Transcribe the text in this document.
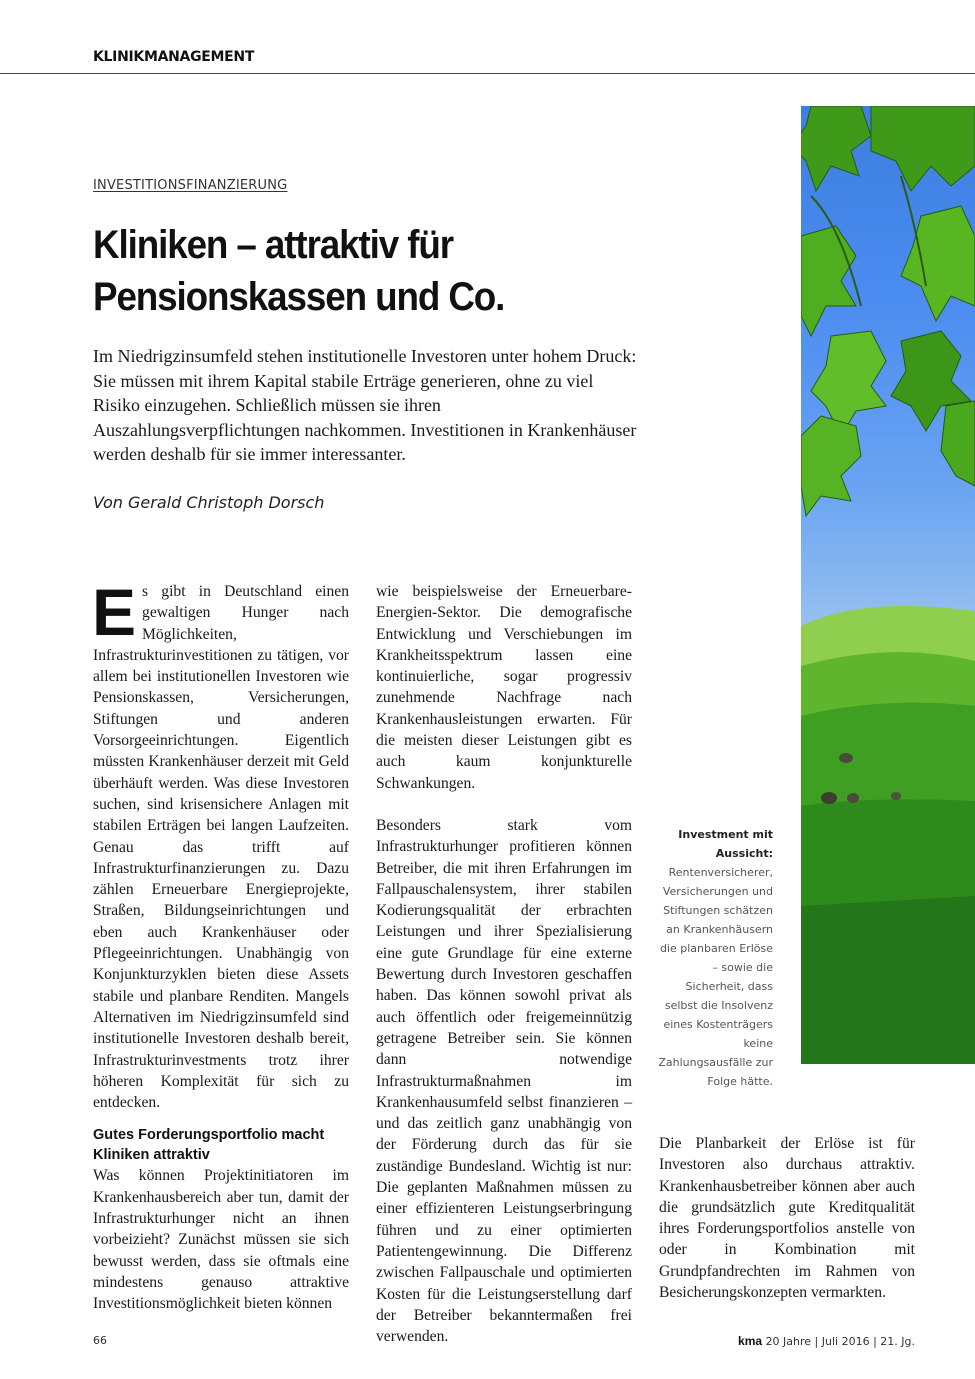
KLINIKMANAGEMENT
INVESTITIONSFINANZIERUNG
Kliniken – attraktiv für
Pensionskassen und Co.

Im Niedrigzinsumfeld stehen institutionelle Investoren unter hohem Druck: Sie müssen mit ihrem Kapital stabile Erträge generieren, ohne zu viel Risiko einzugehen. Schließlich müssen sie ihren Auszahlungsverpflichtungen nachkommen. Investitionen in Krankenhäuser werden deshalb für sie immer interessanter.

Von Gerald Christoph Dorsch

Es gibt in Deutschland einen gewaltigen Hunger nach Möglichkeiten, Infrastrukturinvestitionen zu tätigen, vor allem bei institutionellen Investoren wie Pensionskassen, Versicherungen, Stiftungen und anderen Vorsorgeeinrichtungen. Eigentlich müssten Krankenhäuser derzeit mit Geld überhäuft werden. Was diese Investoren suchen, sind krisensichere Anlagen mit stabilen Erträgen bei langen Laufzeiten. Genau das trifft auf Infrastrukturfinanzierungen zu. Dazu zählen Erneuerbare Energieprojekte, Straßen, Bildungseinrichtungen und eben auch Krankenhäuser oder Pflegeeinrichtungen. Unabhängig von Konjunkturzyklen bieten diese Assets stabile und planbare Renditen. Mangels Alternativen im Niedrigzinsumfeld sind institutionelle Investoren deshalb bereit, Infrastrukturinvestments trotz ihrer höheren Komplexität für sich zu entdecken.

Gutes Forderungsportfolio macht Kliniken attraktiv

Was können Projektinitiatoren im Krankenhausbereich aber tun, damit der Infrastrukturhunger nicht an ihnen vorbeizieht? Zunächst müssen sie sich bewusst werden, dass sie oftmals eine mindestens genauso attraktive Investitionsmöglichkeit bieten können

wie beispielsweise der Erneuerbare-Energien-Sektor. Die demografische Entwicklung und Verschiebungen im Krankheitsspektrum lassen eine kontinuierliche, sogar progressiv zunehmende Nachfrage nach Krankenhausleistungen erwarten. Für die meisten dieser Leistungen gibt es auch kaum konjunkturelle Schwankungen.

Besonders stark vom Infrastrukturhunger profitieren können Betreiber, die mit ihren Erfahrungen im Fallpauschalensystem, ihrer stabilen Kodierungsqualität der erbrachten Leistungen und ihrer Spezialisierung eine gute Grundlage für eine externe Bewertung durch Investoren geschaffen haben. Das können sowohl privat als auch öffentlich oder freigemeinnützig getragene Betreiber sein. Sie können dann notwendige Infrastrukturmaßnahmen im Krankenhausumfeld selbst finanzieren – und das zeitlich ganz unabhängig von der Förderung durch das für sie zuständige Bundesland. Wichtig ist nur: Die geplanten Maßnahmen müssen zu einer effizienteren Leistungserbringung führen und zu einer optimierten Patientengewinnung. Die Differenz zwischen Fallpauschale und optimierten Kosten für die Leistungserstellung darf der Betreiber bekanntermaßen frei verwenden.

Die Planbarkeit der Erlöse ist für Investoren also durchaus attraktiv. Krankenhausbetreiber können aber auch die grundsätzlich gute Kreditqualität ihres Forderungsportfolios anstelle von oder in Kombination mit Grundpfandrechten im Rahmen von Besicherungskonzepten vermarkten.

Investment mit Aussicht: Rentenversicherer, Versicherungen und Stiftungen schätzen an Krankenhäusern die planbaren Erlöse – sowie die Sicherheit, dass selbst die Insolvenz eines Kostenträgers keine Zahlungsausfälle zur Folge hätte.
66	kma 20 Jahre | Juli 2016 | 21. Jg.
